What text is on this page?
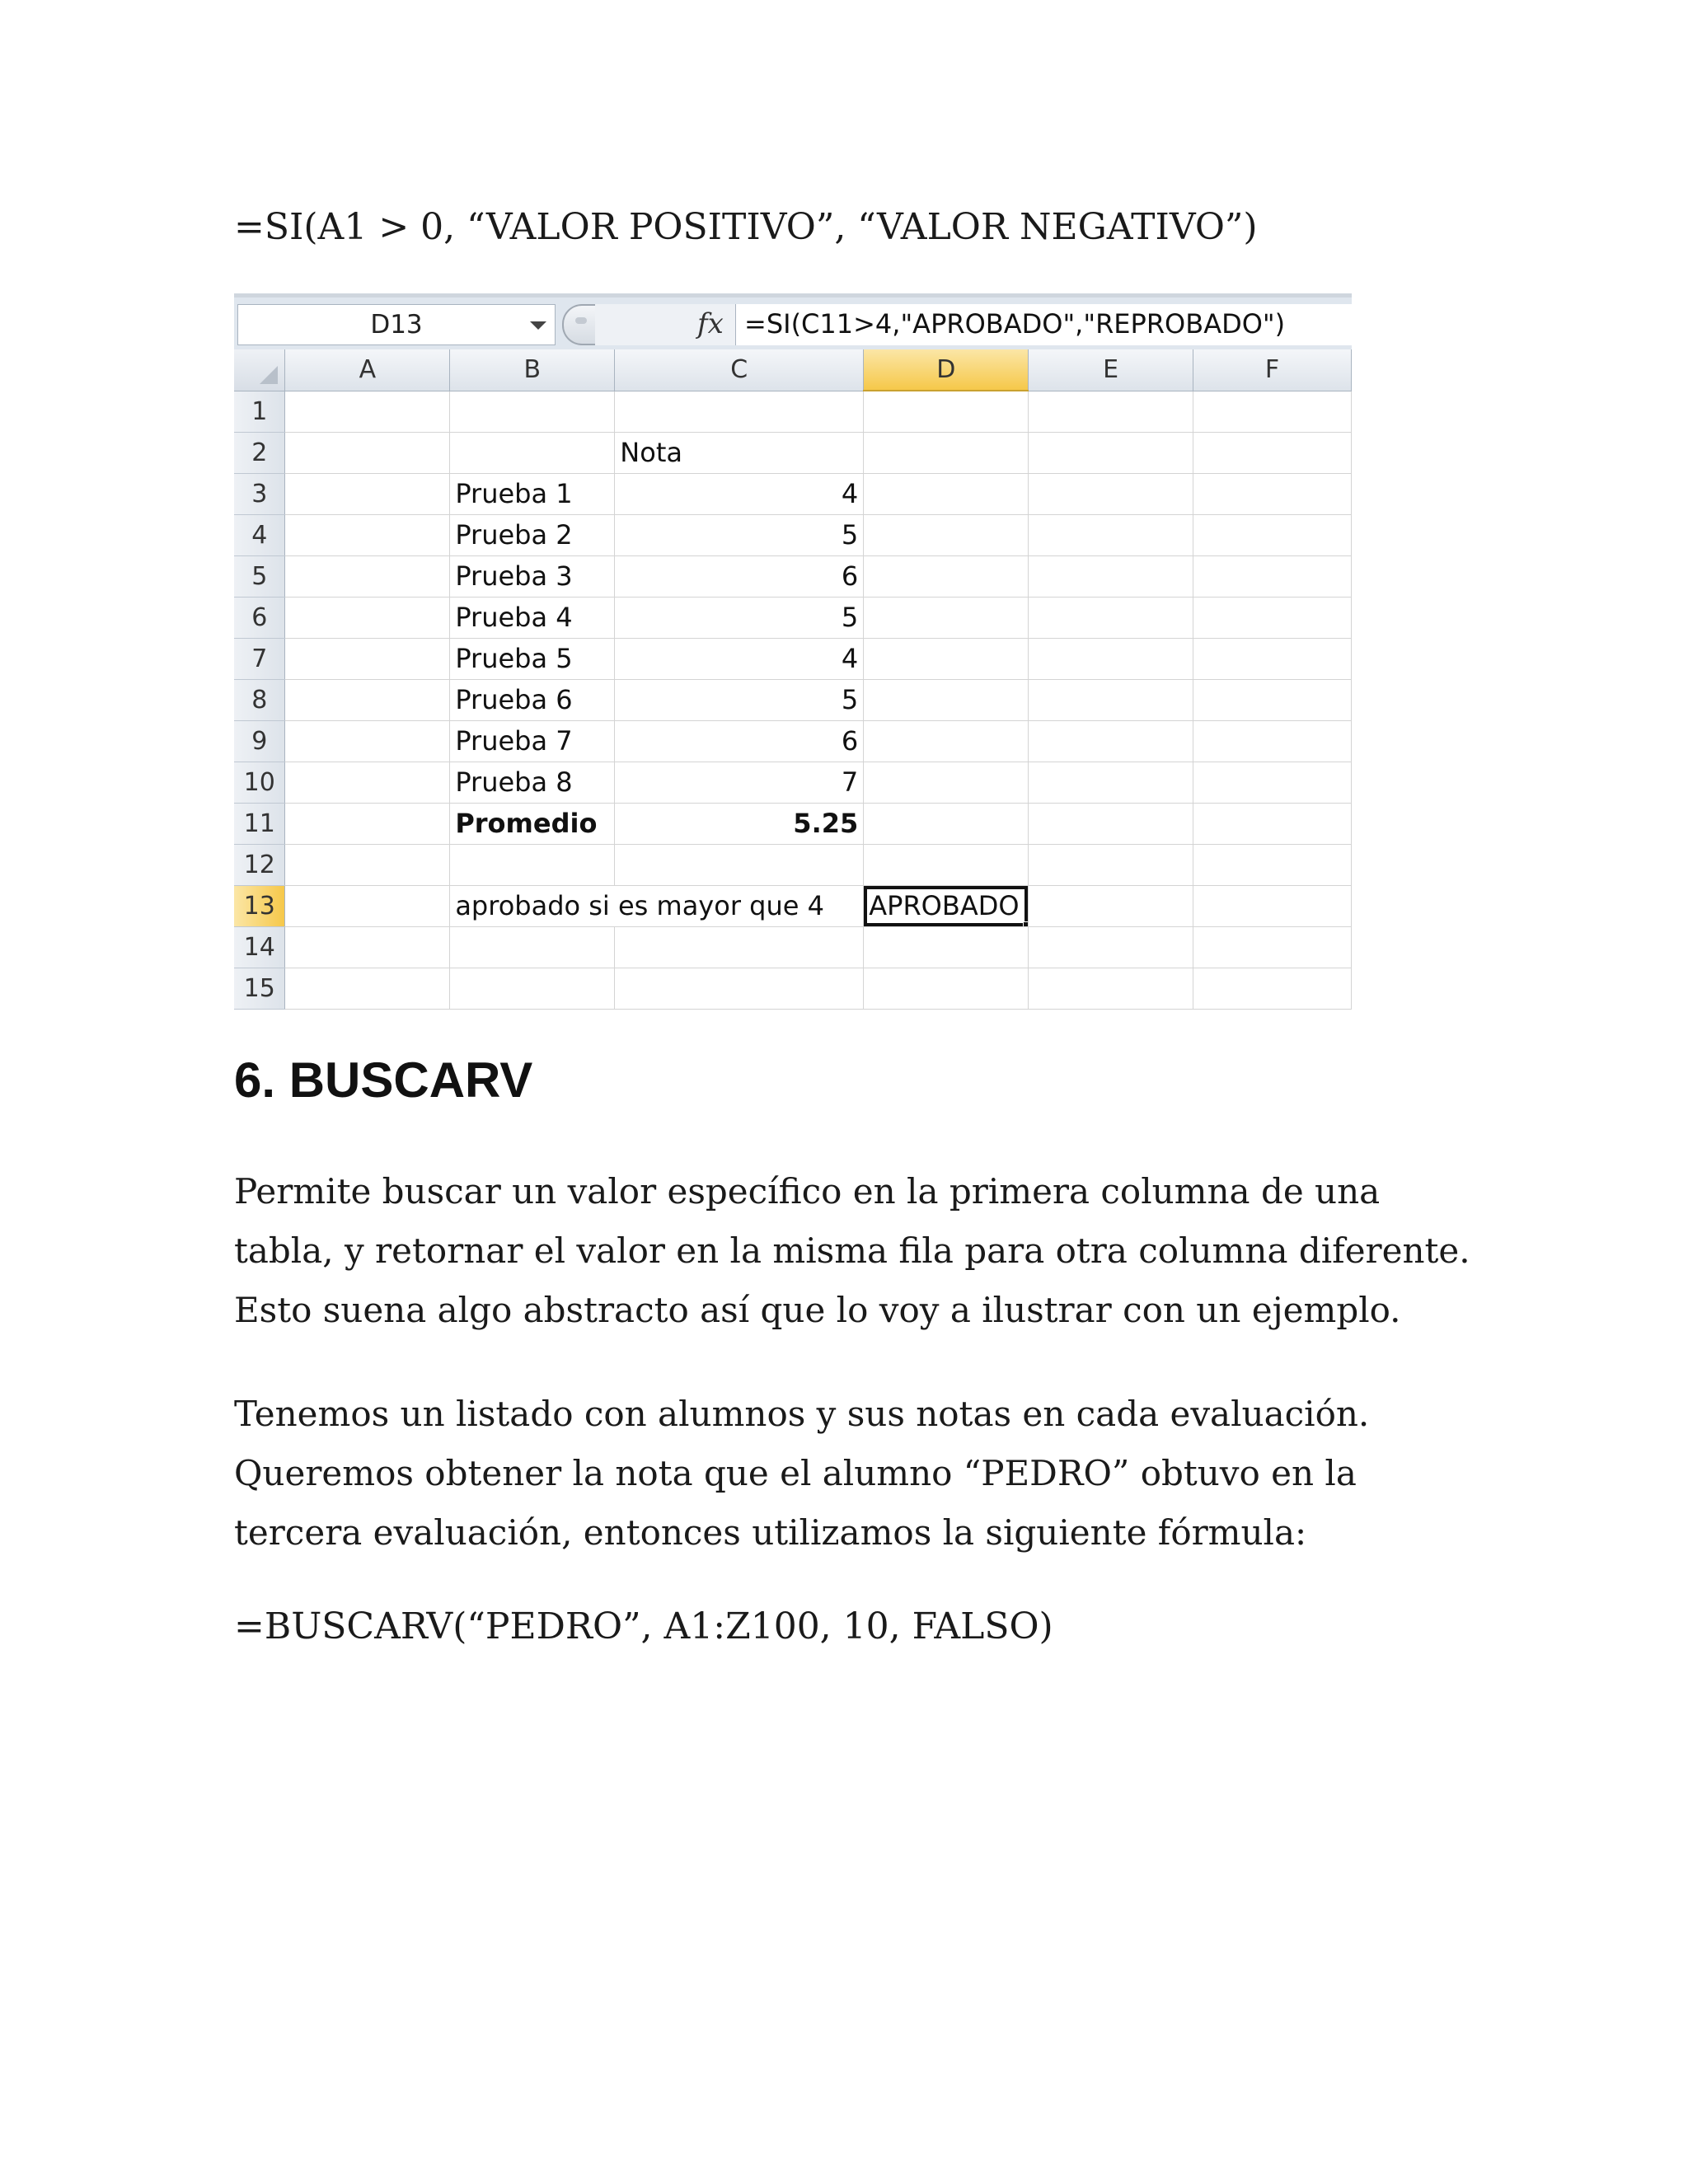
=SI(A1 > 0, “VALOR POSITIVO”, “VALOR NEGATIVO”)
D13	fx =SI(C11>4,"APROBADO","REPROBADO")
	A	B	C	D	E	F
1						
2			Nota			
3		Prueba 1	4			
4		Prueba 2	5			
5		Prueba 3	6			
6		Prueba 4	5			
7		Prueba 5	4			
8		Prueba 6	5			
9		Prueba 7	6			
10		Prueba 8	7			
11		Promedio	5.25			
12						
13		aprobado si es mayor que 4		APROBADO

14						
15						
6. BUSCARV

Permite buscar un valor específico en la primera columna de una tabla, y retornar el valor en la misma fila para otra columna diferente. Esto suena algo abstracto así que lo voy a ilustrar con un ejemplo.

Tenemos un listado con alumnos y sus notas en cada evaluación. Queremos obtener la nota que el alumno “PEDRO” obtuvo en la tercera evaluación, entonces utilizamos la siguiente fórmula:

=BUSCARV(“PEDRO”, A1:Z100, 10, FALSO)
